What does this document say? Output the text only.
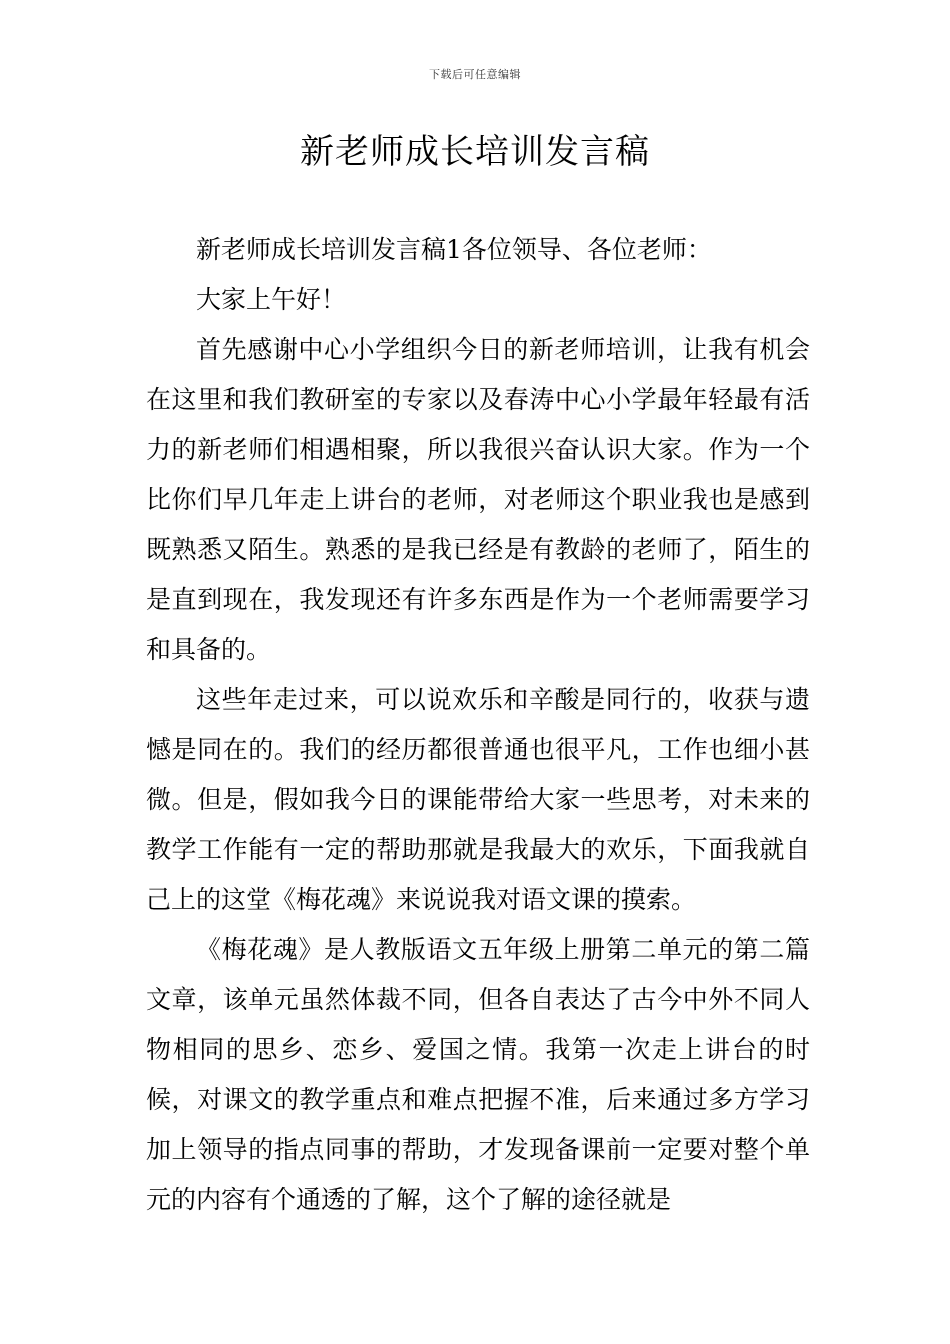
下载后可任意编辑
新老师成长培训发言稿

新老师成长培训发言稿1各位领导、各位老师：

大家上午好！

首先感谢中心小学组织今日的新老师培训，让我有机会在这里和我们教研室的专家以及春涛中心小学最年轻最有活力的新老师们相遇相聚，所以我很兴奋认识大家。作为一个比你们早几年走上讲台的老师，对老师这个职业我也是感到既熟悉又陌生。熟悉的是我已经是有教龄的老师了，陌生的是直到现在，我发现还有许多东西是作为一个老师需要学习和具备的。

这些年走过来，可以说欢乐和辛酸是同行的，收获与遗憾是同在的。我们的经历都很普通也很平凡，工作也细小甚微。但是，假如我今日的课能带给大家一些思考，对未来的教学工作能有一定的帮助那就是我最大的欢乐，下面我就自己上的这堂《梅花魂》来说说我对语文课的摸索。

《梅花魂》是人教版语文五年级上册第二单元的第二篇文章，该单元虽然体裁不同，但各自表达了古今中外不同人物相同的思乡、恋乡、爱国之情。我第一次走上讲台的时候，对课文的教学重点和难点把握不准，后来通过多方学习加上领导的指点同事的帮助，才发现备课前一定要对整个单元的内容有个通透的了解，这个了解的途径就是
